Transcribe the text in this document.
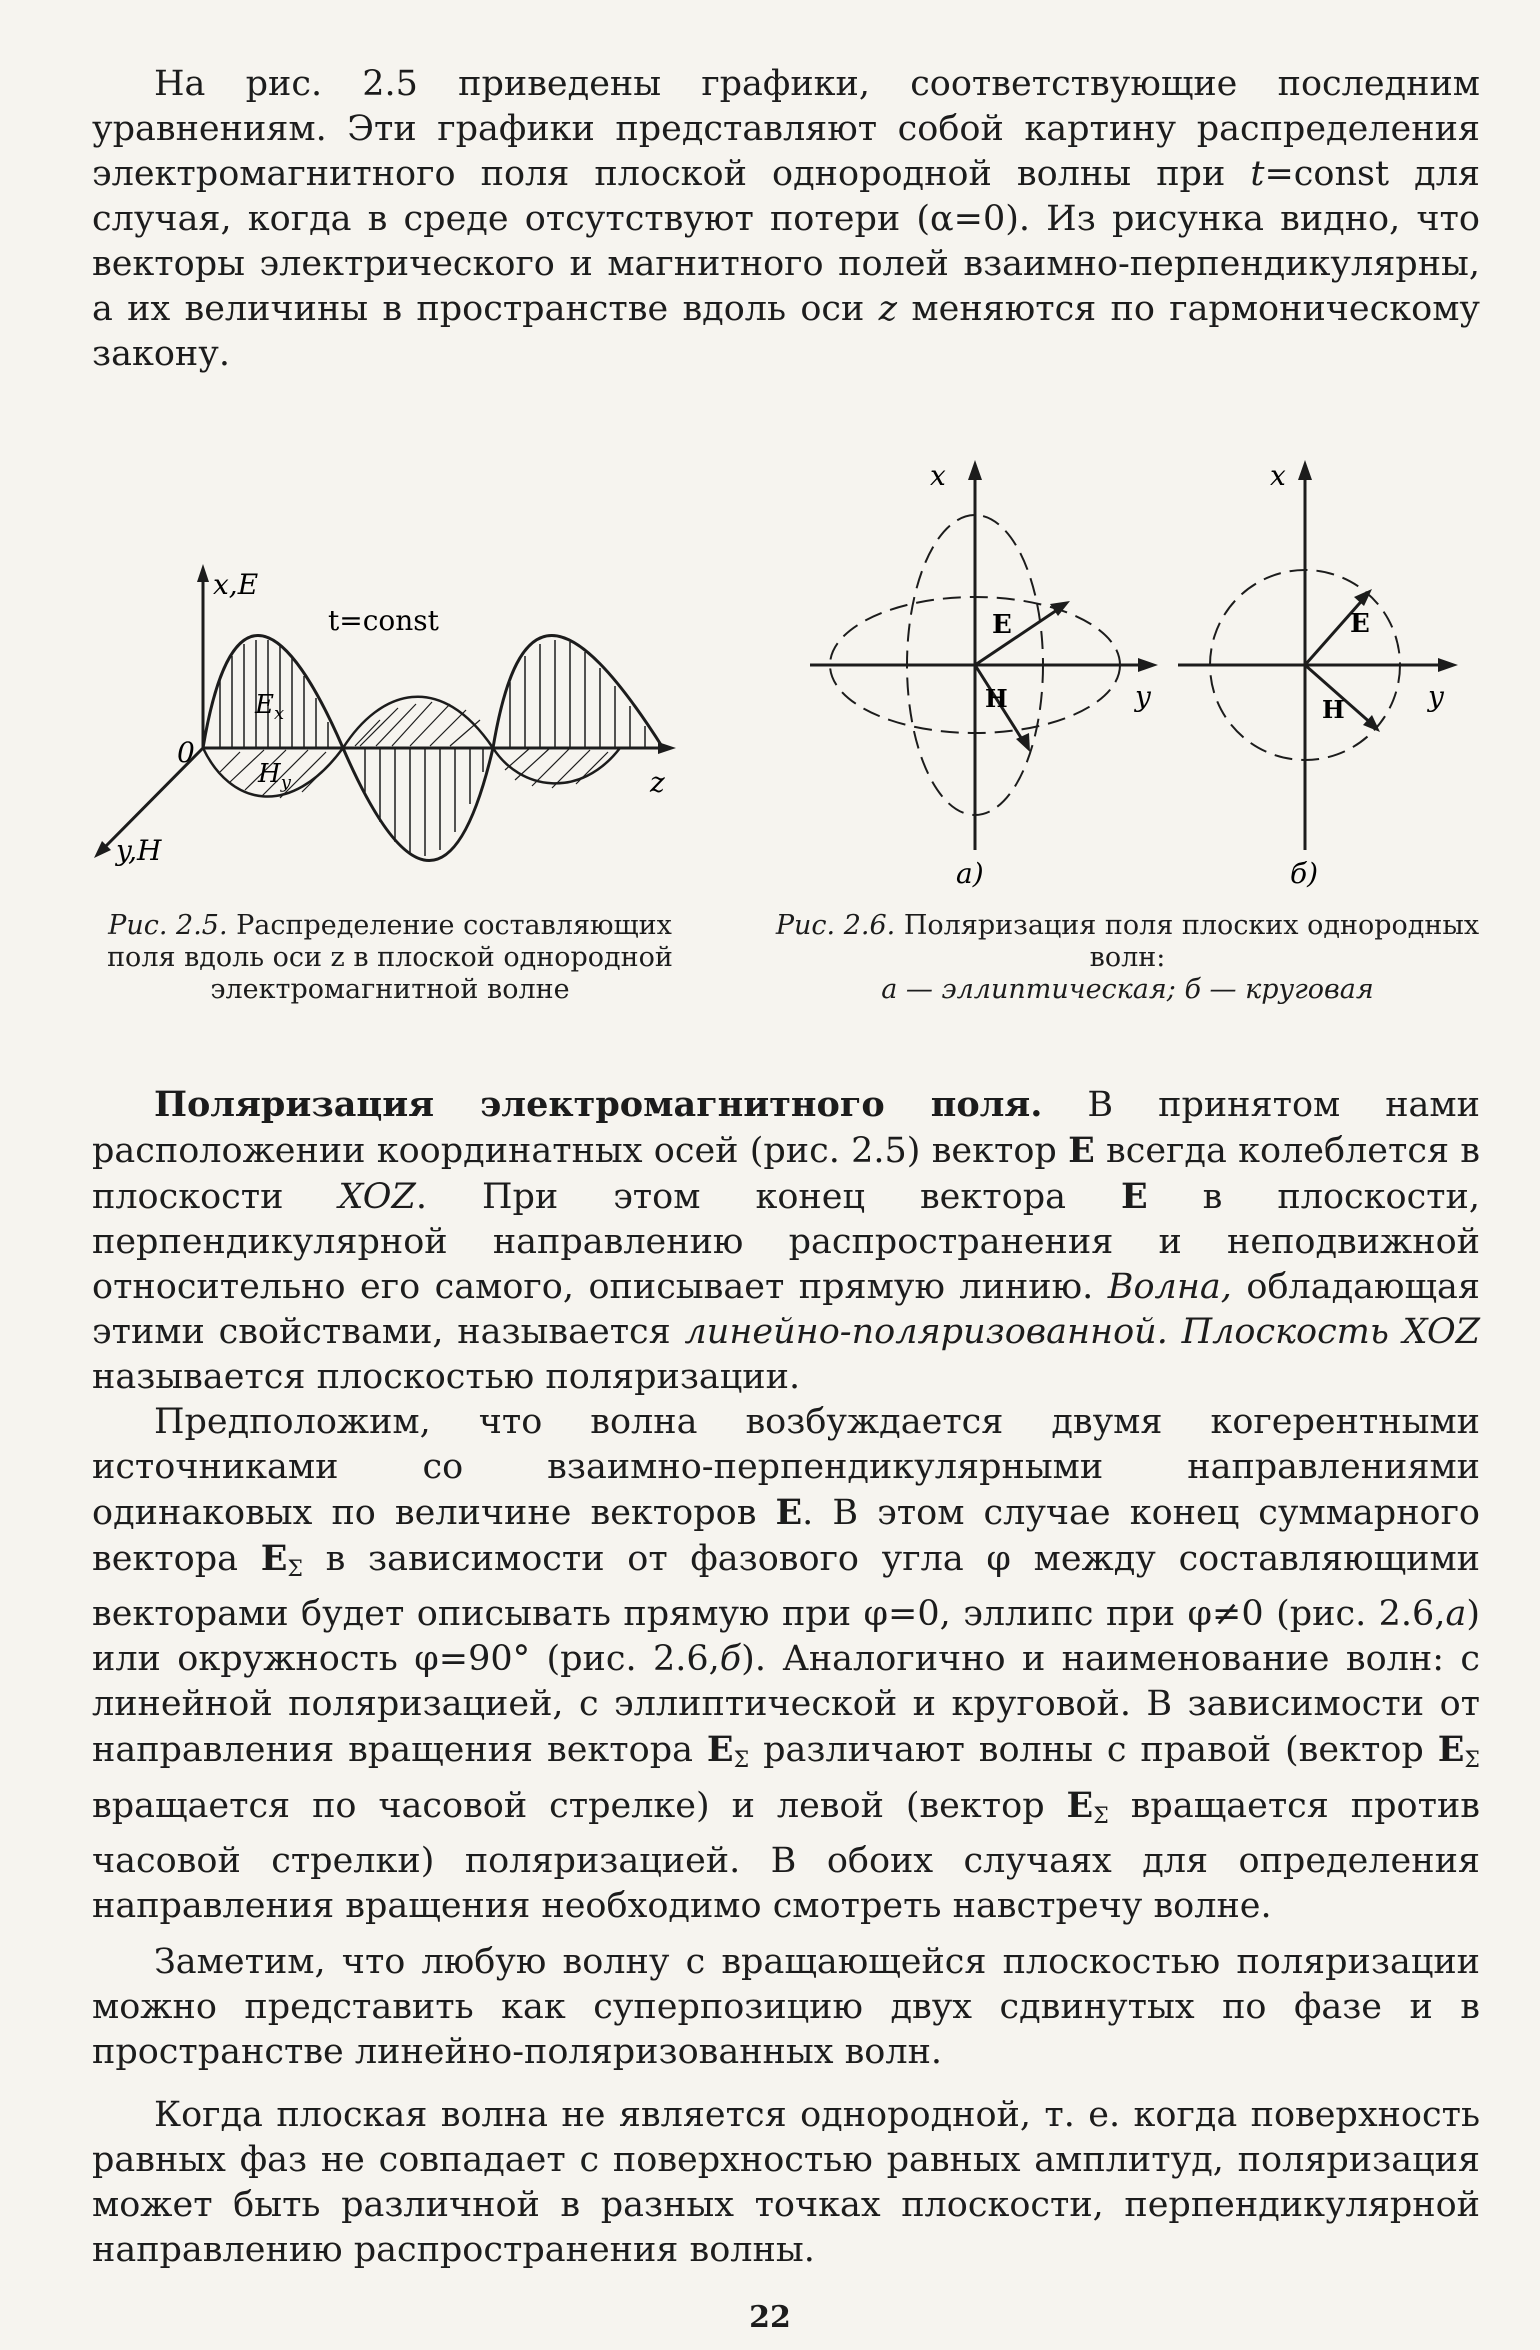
На рис. 2.5 приведены графики, соответствующие последним уравнениям. Эти графики представляют собой картину распределения электромагнитного поля плоской однородной волны при t=const для случая, когда в среде отсутствуют потери (α=0). Из рисунка видно, что векторы электрического и магнитного полей взаимно-перпендикулярны, а их величины в пространстве вдоль оси z меняются по гармоническому закону.

x,E
t=const
$E_x$
$H_y$
0
z
y,H
Рис. 2.5. Распределение составляющих поля вдоль оси z в плоской однородной электромагнитной волне
x
y
E
H
а)
x
y
E
H
б)
Рис. 2.6. Поляризация поля плоских однородных волн:
а — эллиптическая; б — круговая

Поляризация электромагнитного поля. В принятом нами расположении координатных осей (рис. 2.5) вектор E всегда колеблется в плоскости XOZ. При этом конец вектора E в плоскости, перпендикулярной направлению распространения и неподвижной относительно его самого, описывает прямую линию. Волна, обладающая этими свойствами, называется линейно-поляризованной. Плоскость XOZ называется плоскостью поляризации.

Предположим, что волна возбуждается двумя когерентными источниками со взаимно-перпендикулярными направлениями одинаковых по величине векторов E. В этом случае конец суммарного вектора $E_\Sigma$ в зависимости от фазового угла φ между составляющими векторами будет описывать прямую при φ=0, эллипс при φ≠0 (рис. 2.6,а) или окружность φ=90° (рис. 2.6,б). Аналогично и наименование волн: с линейной поляризацией, с эллиптической и круговой. В зависимости от направления вращения вектора $E_\Sigma$ различают волны с правой (вектор $E_\Sigma$ вращается по часовой стрелке) и левой (вектор $E_\Sigma$ вращается против часовой стрелки) поляризацией. В обоих случаях для определения направления вращения необходимо смотреть навстречу волне.

Заметим, что любую волну с вращающейся плоскостью поляризации можно представить как суперпозицию двух сдвинутых по фазе и в пространстве линейно-поляризованных волн.

Когда плоская волна не является однородной, т. е. когда поверхность равных фаз не совпадает с поверхностью равных амплитуд, поляризация может быть различной в разных точках плоскости, перпендикулярной направлению распространения волны.

22
